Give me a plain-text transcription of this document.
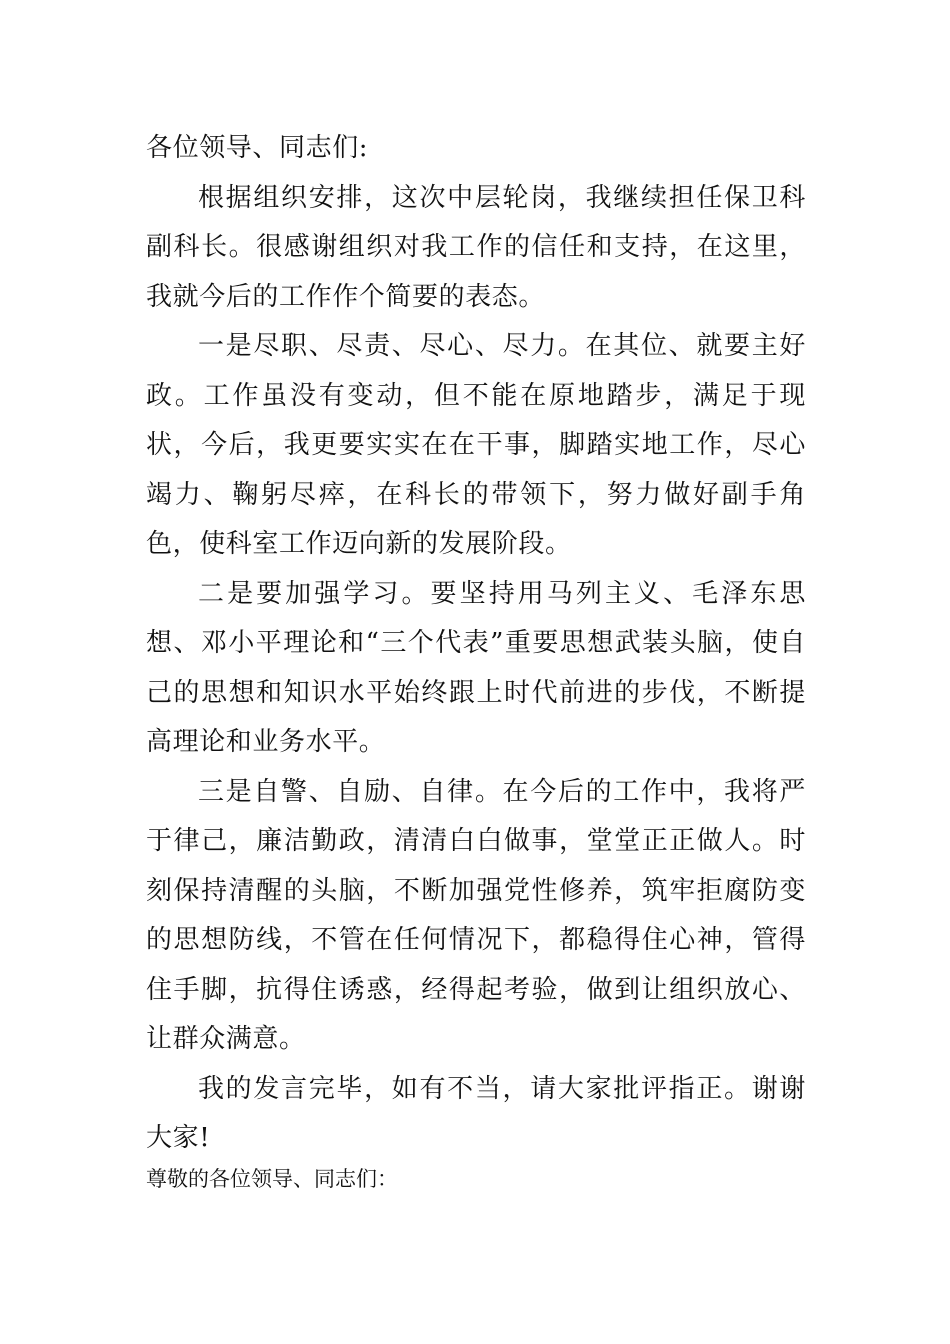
各位领导、同志们:

根据组织安排，这次中层轮岗，我继续担任保卫科副科长。很感谢组织对我工作的信任和支持，在这里，我就今后的工作作个简要的表态。

一是尽职、尽责、尽心、尽力。在其位、就要主好政。工作虽没有变动，但不能在原地踏步，满足于现状，今后，我更要实实在在干事，脚踏实地工作，尽心竭力、鞠躬尽瘁，在科长的带领下，努力做好副手角色，使科室工作迈向新的发展阶段。

二是要加强学习。要坚持用马列主义、毛泽东思想、邓小平理论和“三个代表”重要思想武装头脑，使自己的思想和知识水平始终跟上时代前进的步伐，不断提高理论和业务水平。

三是自警、自励、自律。在今后的工作中，我将严于律己，廉洁勤政，清清白白做事，堂堂正正做人。时刻保持清醒的头脑，不断加强党性修养，筑牢拒腐防变的思想防线，不管在任何情况下，都稳得住心神，管得住手脚，抗得住诱惑，经得起考验，做到让组织放心、让群众满意。

我的发言完毕，如有不当，请大家批评指正。谢谢大家!

尊敬的各位领导、同志们：
